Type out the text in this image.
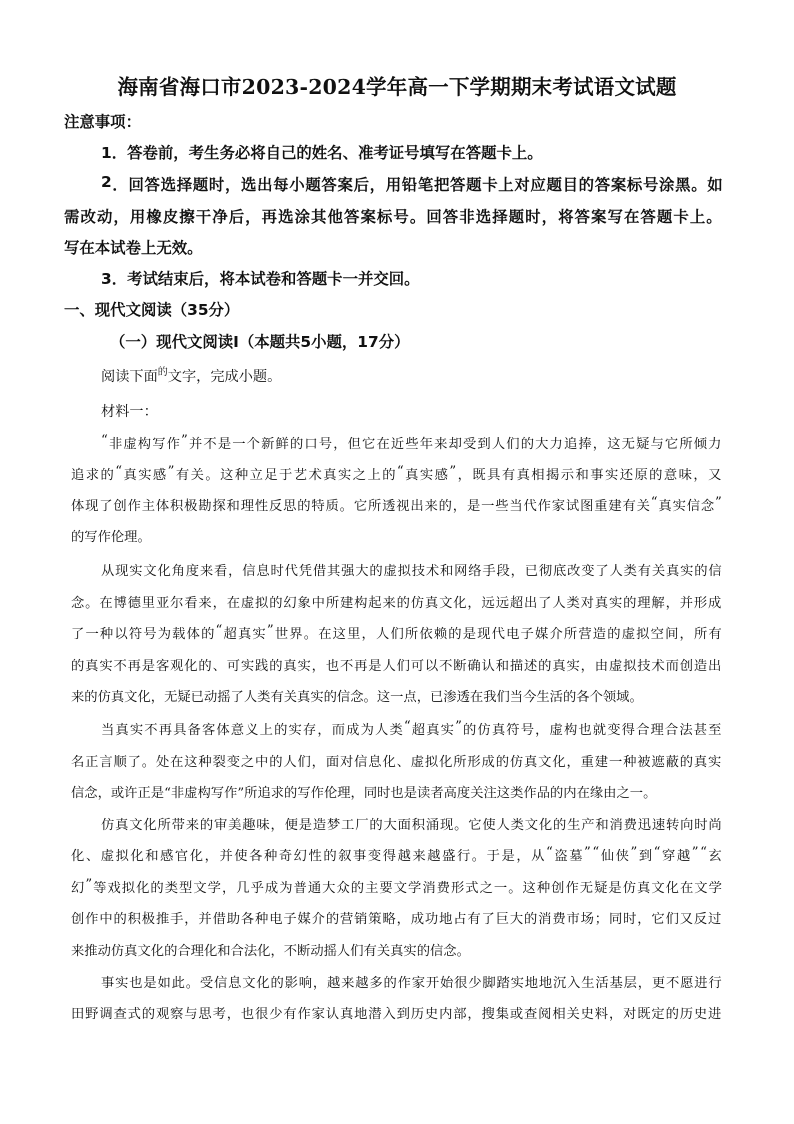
海南省海口市2023-2024学年高一下学期期末考试语文试题
注意事项：
1．答卷前，考生务必将自己的姓名、准考证号填写在答题卡上。
2 ． 回 答 选 择 题 时 ， 选 出 每 小 题 答 案 后 ， 用 铅 笔 把 答 题 卡 上 对 应 题 目 的 答 案 标 号 涂 黑 。 如
需 改 动 ， 用 橡 皮 擦 干 净 后 ， 再 选 涂 其 他 答 案 标 号 。 回 答 非 选 择 题 时 ， 将 答 案 写 在 答 题 卡 上 。
写在本试卷上无效。
3．考试结束后，将本试卷和答题卡一并交回。
一、现代文阅读（35分）
（一）现代文阅读Ⅰ（本题共5小题，17分）
阅读下面$^的$文字，完成小题。
材料一：
“ 非 虚 构 写 作 ” 并 不 是 一 个 新 鲜 的 口 号 ， 但 它 在 近 些 年 来 却 受 到 人 们 的 大 力 追 捧 ， 这 无 疑 与 它 所 倾 力
追 求 的 “ 真 实 感 ” 有 关 。 这 种 立 足 于 艺 术 真 实 之 上 的 “ 真 实 感 ” ， 既 具 有 真 相 揭 示 和 事 实 还 原 的 意 味 ， 又
体 现 了 创 作 主 体 积 极 勘 探 和 理 性 反 思 的 特 质 。 它 所 透 视 出 来 的 ， 是 一 些 当 代 作 家 试 图 重 建 有 关 “ 真 实 信 念 ”
的写作伦理。
从 现 实 文 化 角 度 来 看 ， 信 息 时 代 凭 借 其 强 大 的 虚 拟 技 术 和 网 络 手 段 ， 已 彻 底 改 变 了 人 类 有 关 真 实 的 信
念 。 在 博 德 里 亚 尔 看 来 ， 在 虚 拟 的 幻 象 中 所 建 构 起 来 的 仿 真 文 化 ， 远 远 超 出 了 人 类 对 真 实 的 理 解 ， 并 形 成
了 一 种 以 符 号 为 载 体 的 “ 超 真 实 ” 世 界 。 在 这 里 ， 人 们 所 依 赖 的 是 现 代 电 子 媒 介 所 营 造 的 虚 拟 空 间 ， 所 有
的 真 实 不 再 是 客 观 化 的 、 可 实 践 的 真 实 ， 也 不 再 是 人 们 可 以 不 断 确 认 和 描 述 的 真 实 ， 由 虚 拟 技 术 而 创 造 出
来的仿真文化，无疑已动摇了人类有关真实的信念。这一点，已渗透在我们当今生活的各个领域。
当 真 实 不 再 具 备 客 体 意 义 上 的 实 存 ， 而 成 为 人 类 “ 超 真 实 ” 的 仿 真 符 号 ， 虚 构 也 就 变 得 合 理 合 法 甚 至
名 正 言 顺 了 。 处 在 这 种 裂 变 之 中 的 人 们 ， 面 对 信 息 化 、 虚 拟 化 所 形 成 的 仿 真 文 化 ， 重 建 一 种 被 遮 蔽 的 真 实
信念，或许正是“非虚构写作”所追求的写作伦理，同时也是读者高度关注这类作品的内在缘由之一。
仿 真 文 化 所 带 来 的 审 美 趣 味 ， 便 是 造 梦 工 厂 的 大 面 积 涌 现 。 它 使 人 类 文 化 的 生 产 和 消 费 迅 速 转 向 时 尚
化 、 虚 拟 化 和 感 官 化 ， 并 使 各 种 奇 幻 性 的 叙 事 变 得 越 来 越 盛 行 。 于 是 ， 从 “ 盗 墓 ” “ 仙 侠 ” 到 “ 穿 越 ” “ 玄
幻 ” 等 戏 拟 化 的 类 型 文 学 ， 几 乎 成 为 普 通 大 众 的 主 要 文 学 消 费 形 式 之 一 。 这 种 创 作 无 疑 是 仿 真 文 化 在 文 学
创 作 中 的 积 极 推 手 ， 并 借 助 各 种 电 子 媒 介 的 营 销 策 略 ， 成 功 地 占 有 了 巨 大 的 消 费 市 场 ； 同 时 ， 它 们 又 反 过
来推动仿真文化的合理化和合法化，不断动摇人们有关真实的信念。
事 实 也 是 如 此 。 受 信 息 文 化 的 影 响 ， 越 来 越 多 的 作 家 开 始 很 少 脚 踏 实 地 地 沉 入 生 活 基 层 ， 更 不 愿 进 行
田 野 调 查 式 的 观 察 与 思 考 ， 也 很 少 有 作 家 认 真 地 潜 入 到 历 史 内 部 ， 搜 集 或 查 阅 相 关 史 料 ， 对 既 定 的 历 史 进
